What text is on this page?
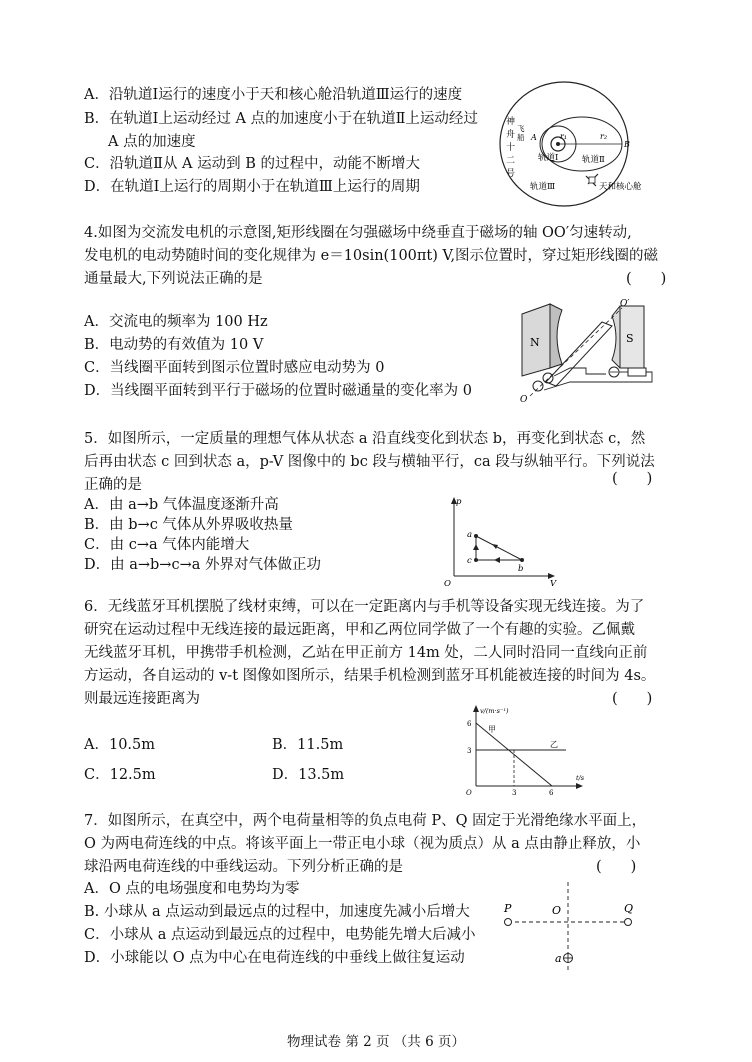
A．沿轨道Ⅰ运行的速度小于天和核心舱沿轨道Ⅲ运行的速度
B．在轨道Ⅰ上运动经过 A 点的加速度小于在轨道Ⅱ上运动经过
A 点的加速度
C．沿轨道Ⅱ从 A 运动到 B 的过程中，动能不断增大
D．在轨道Ⅰ上运行的周期小于在轨道Ⅲ上运行的周期
r₁	r₂
A
B
神
舟
十
二
号
飞
船
轨道Ⅰ	轨道Ⅱ
轨道Ⅲ	天和核心舱
4.如图为交流发电机的示意图,矩形线圈在匀强磁场中绕垂直于磁场的轴 OO′匀速转动,
发电机的电动势随时间的变化规律为 e＝10sin(100πt) V,图示位置时，穿过矩形线圈的磁
通量最大,下列说法正确的是	(　　)
A．交流电的频率为 100 Hz
B．电动势的有效值为 10 V
C．当线圈平面转到图示位置时感应电动势为 0
D．当线圈平面转到平行于磁场的位置时磁通量的变化率为 0
N	S
O′
O
5．如图所示，一定质量的理想气体从状态 a 沿直线变化到状态 b，再变化到状态 c，然
后再由状态 c 回到状态 a，p-V 图像中的 bc 段与横轴平行，ca 段与纵轴平行。下列说法
正确的是	(　　)
A．由 a→b 气体温度逐渐升高
B．由 b→c 气体从外界吸收热量
C．由 c→a 气体内能增大
D．由 a→b→c→a 外界对气体做正功
p
V
O
a
b
c
6．无线蓝牙耳机摆脱了线材束缚，可以在一定距离内与手机等设备实现无线连接。为了
研究在运动过程中无线连接的最远距离，甲和乙两位同学做了一个有趣的实验。乙佩戴
无线蓝牙耳机，甲携带手机检测，乙站在甲正前方 14m 处，二人同时沿同一直线向正前
方运动，各自运动的 v-t 图像如图所示，结果手机检测到蓝牙耳机能被连接的时间为 4s。
则最远连接距离为	(　　)
A．10.5m	B．11.5m
C．12.5m	D．13.5m
v/(m·s⁻¹)
t/s
6
3
3	6
O
甲
乙
7．如图所示，在真空中，两个电荷量相等的负点电荷 P、Q 固定于光滑绝缘水平面上，
O 为两电荷连线的中点。将该平面上一带正电小球（视为质点）从 a 点由静止释放，小
球沿两电荷连线的中垂线运动。下列分析正确的是	(　　)
A．O 点的电场强度和电势均为零
B. 小球从 a 点运动到最远点的过程中，加速度先减小后增大
C．小球从 a 点运动到最远点的过程中，电势能先增大后减小
D．小球能以 O 点为中心在电荷连线的中垂线上做往复运动
P	Q
O
a
物理试卷 第 2 页 （共 6 页）
